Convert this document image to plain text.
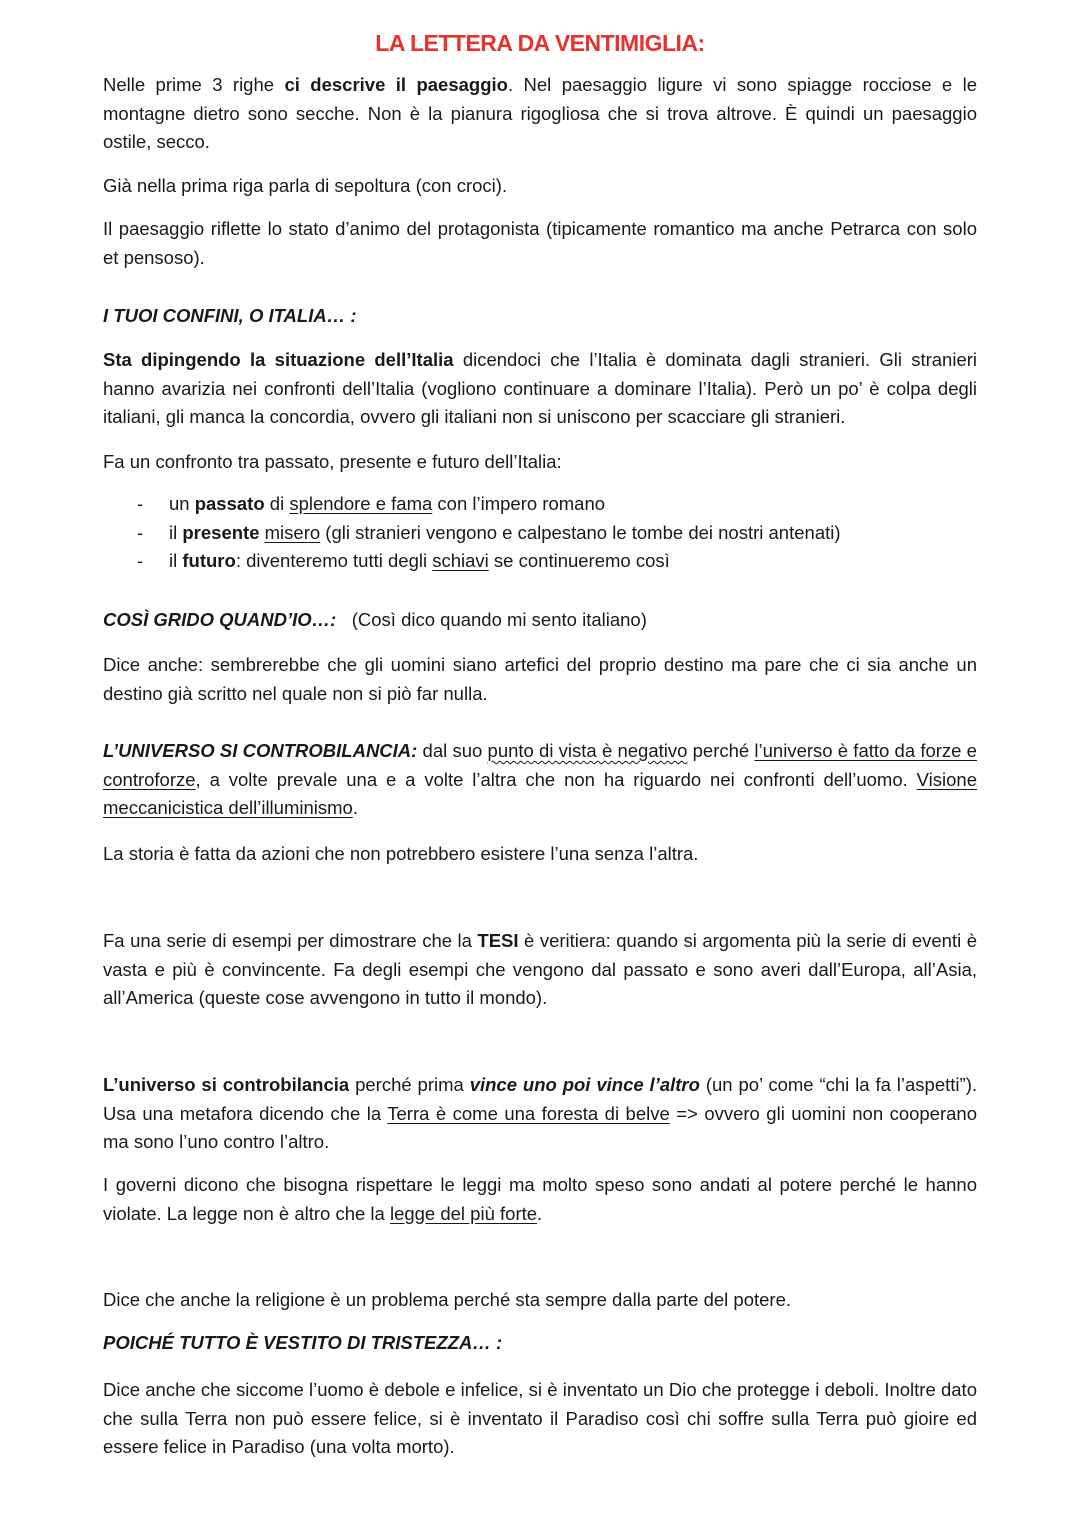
LA LETTERA DA VENTIMIGLIA:

Nelle prime 3 righe ci descrive il paesaggio. Nel paesaggio ligure vi sono spiagge rocciose e le montagne dietro sono secche. Non è la pianura rigogliosa che si trova altrove. È quindi un paesaggio ostile, secco.

Già nella prima riga parla di sepoltura (con croci).

Il paesaggio riflette lo stato d’animo del protagonista (tipicamente romantico ma anche Petrarca con solo et pensoso).

I TUOI CONFINI, O ITALIA… :

Sta dipingendo la situazione dell’Italia dicendoci che l’Italia è dominata dagli stranieri. Gli stranieri hanno avarizia nei confronti dell’Italia (vogliono continuare a dominare l’Italia). Però un po’ è colpa degli italiani, gli manca la concordia, ovvero gli italiani non si uniscono per scacciare gli stranieri.

Fa un confronto tra passato, presente e futuro dell’Italia:

- un passato di splendore e fama con l’impero romano
- il presente misero (gli stranieri vengono e calpestano le tombe dei nostri antenati)
- il futuro: diventeremo tutti degli schiavi se continueremo così

COSÌ GRIDO QUAND’IO…:   (Così dico quando mi sento italiano)

Dice anche: sembrerebbe che gli uomini siano artefici del proprio destino ma pare che ci sia anche un destino già scritto nel quale non si piò far nulla.

L’UNIVERSO SI CONTROBILANCIA: dal suo punto di vista è negativo perché l’universo è fatto da forze e controforze, a volte prevale una e a volte l’altra che non ha riguardo nei confronti dell’uomo. Visione meccanicistica dell’illuminismo.

La storia è fatta da azioni che non potrebbero esistere l’una senza l’altra.

Fa una serie di esempi per dimostrare che la TESI è veritiera: quando si argomenta più la serie di eventi è vasta e più è convincente. Fa degli esempi che vengono dal passato e sono averi dall’Europa, all’Asia, all’America (queste cose avvengono in tutto il mondo).

L’universo si controbilancia perché prima vince uno poi vince l’altro (un po’ come “chi la fa l’aspetti”). Usa una metafora dicendo che la Terra è come una foresta di belve => ovvero gli uomini non cooperano ma sono l’uno contro l’altro.

I governi dicono che bisogna rispettare le leggi ma molto speso sono andati al potere perché le hanno violate. La legge non è altro che la legge del più forte.

Dice che anche la religione è un problema perché sta sempre dalla parte del potere.

POICHÉ TUTTO È VESTITO DI TRISTEZZA… :

Dice anche che siccome l’uomo è debole e infelice, si è inventato un Dio che protegge i deboli. Inoltre dato che sulla Terra non può essere felice, si è inventato il Paradiso così chi soffre sulla Terra può gioire ed essere felice in Paradiso (una volta morto).
